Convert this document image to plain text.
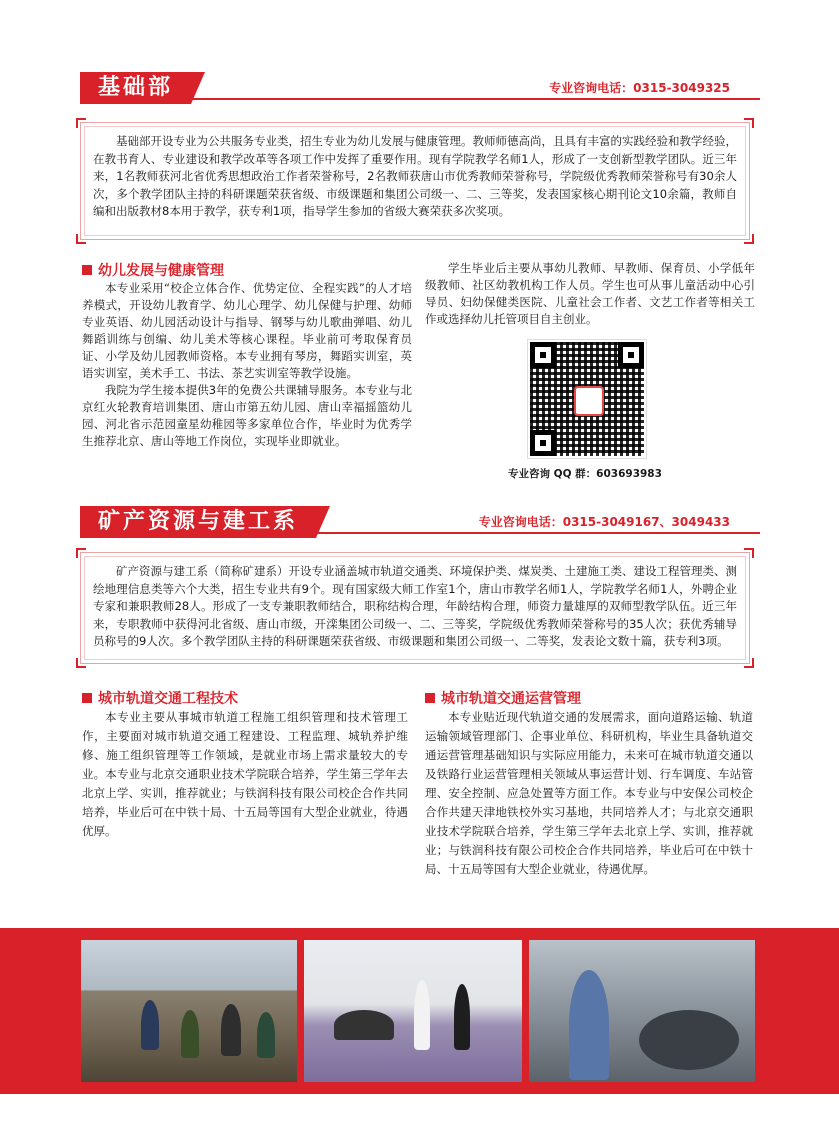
基础部	专业咨询电话：0315-3049325
基础部开设专业为公共服务专业类，招生专业为幼儿发展与健康管理。教师师德高尚，且具有丰富的实践经验和教学经验，在教书育人、专业建设和教学改革等各项工作中发挥了重要作用。现有学院教学名师1人，形成了一支创新型教学团队。近三年来，1名教师获河北省优秀思想政治工作者荣誉称号，2名教师获唐山市优秀教师荣誉称号，学院级优秀教师荣誉称号有30余人次，多个教学团队主持的科研课题荣获省级、市级课题和集团公司级一、二、三等奖，发表国家核心期刊论文10余篇，教师自编和出版教材8本用于教学，获专利1项，指导学生参加的省级大赛荣获多次奖项。
幼儿发展与健康管理

本专业采用“校企立体合作、优势定位、全程实践”的人才培养模式，开设幼儿教育学、幼儿心理学、幼儿保健与护理、幼师专业英语、幼儿园活动设计与指导、钢琴与幼儿歌曲弹唱、幼儿舞蹈训练与创编、幼儿美术等核心课程。毕业前可考取保育员证、小学及幼儿园教师资格。本专业拥有琴房，舞蹈实训室，英语实训室，美术手工、书法、茶艺实训室等教学设施。

我院为学生接本提供3年的免费公共课辅导服务。本专业与北京红火轮教育培训集团、唐山市第五幼儿园、唐山幸福摇篮幼儿园、河北省示范园童星幼稚园等多家单位合作，毕业时为优秀学生推荐北京、唐山等地工作岗位，实现毕业即就业。

学生毕业后主要从事幼儿教师、早教师、保育员、小学低年级教师、社区幼教机构工作人员。学生也可从事儿童活动中心引导员、妇幼保健类医院、儿童社会工作者、文艺工作者等相关工作或选择幼儿托管项目自主创业。

专业咨询 QQ 群：603693983
矿产资源与建工系	专业咨询电话：0315-3049167、3049433
矿产资源与建工系（简称矿建系）开设专业涵盖城市轨道交通类、环境保护类、煤炭类、土建施工类、建设工程管理类、测绘地理信息类等六个大类，招生专业共有9个。现有国家级大师工作室1个，唐山市教学名师1人，学院教学名师1人，外聘企业专家和兼职教师28人。形成了一支专兼职教师结合，职称结构合理，年龄结构合理，师资力量雄厚的双师型教学队伍。近三年来，专职教师中获得河北省级、唐山市级，开滦集团公司级一、二、三等奖，学院级优秀教师荣誉称号的35人次；获优秀辅导员称号的9人次。多个教学团队主持的科研课题荣获省级、市级课题和集团公司级一、二等奖，发表论文数十篇，获专利3项。
城市轨道交通工程技术

本专业主要从事城市轨道工程施工组织管理和技术管理工作，主要面对城市轨道交通工程建设、工程监理、城轨养护维修、施工组织管理等工作领域，是就业市场上需求量较大的专业。本专业与北京交通职业技术学院联合培养，学生第三学年去北京上学、实训，推荐就业；与铁润科技有限公司校企合作共同培养，毕业后可在中铁十局、十五局等国有大型企业就业，待遇优厚。

城市轨道交通运营管理

本专业贴近现代轨道交通的发展需求，面向道路运输、轨道运输领域管理部门、企事业单位、科研机构，毕业生具备轨道交通运营管理基础知识与实际应用能力，未来可在城市轨道交通以及铁路行业运营管理相关领域从事运营计划、行车调度、车站管理、安全控制、应急处置等方面工作。本专业与中安保公司校企合作共建天津地铁校外实习基地，共同培养人才；与北京交通职业技术学院联合培养，学生第三学年去北京上学、实训，推荐就业；与铁润科技有限公司校企合作共同培养，毕业后可在中铁十局、十五局等国有大型企业就业，待遇优厚。
